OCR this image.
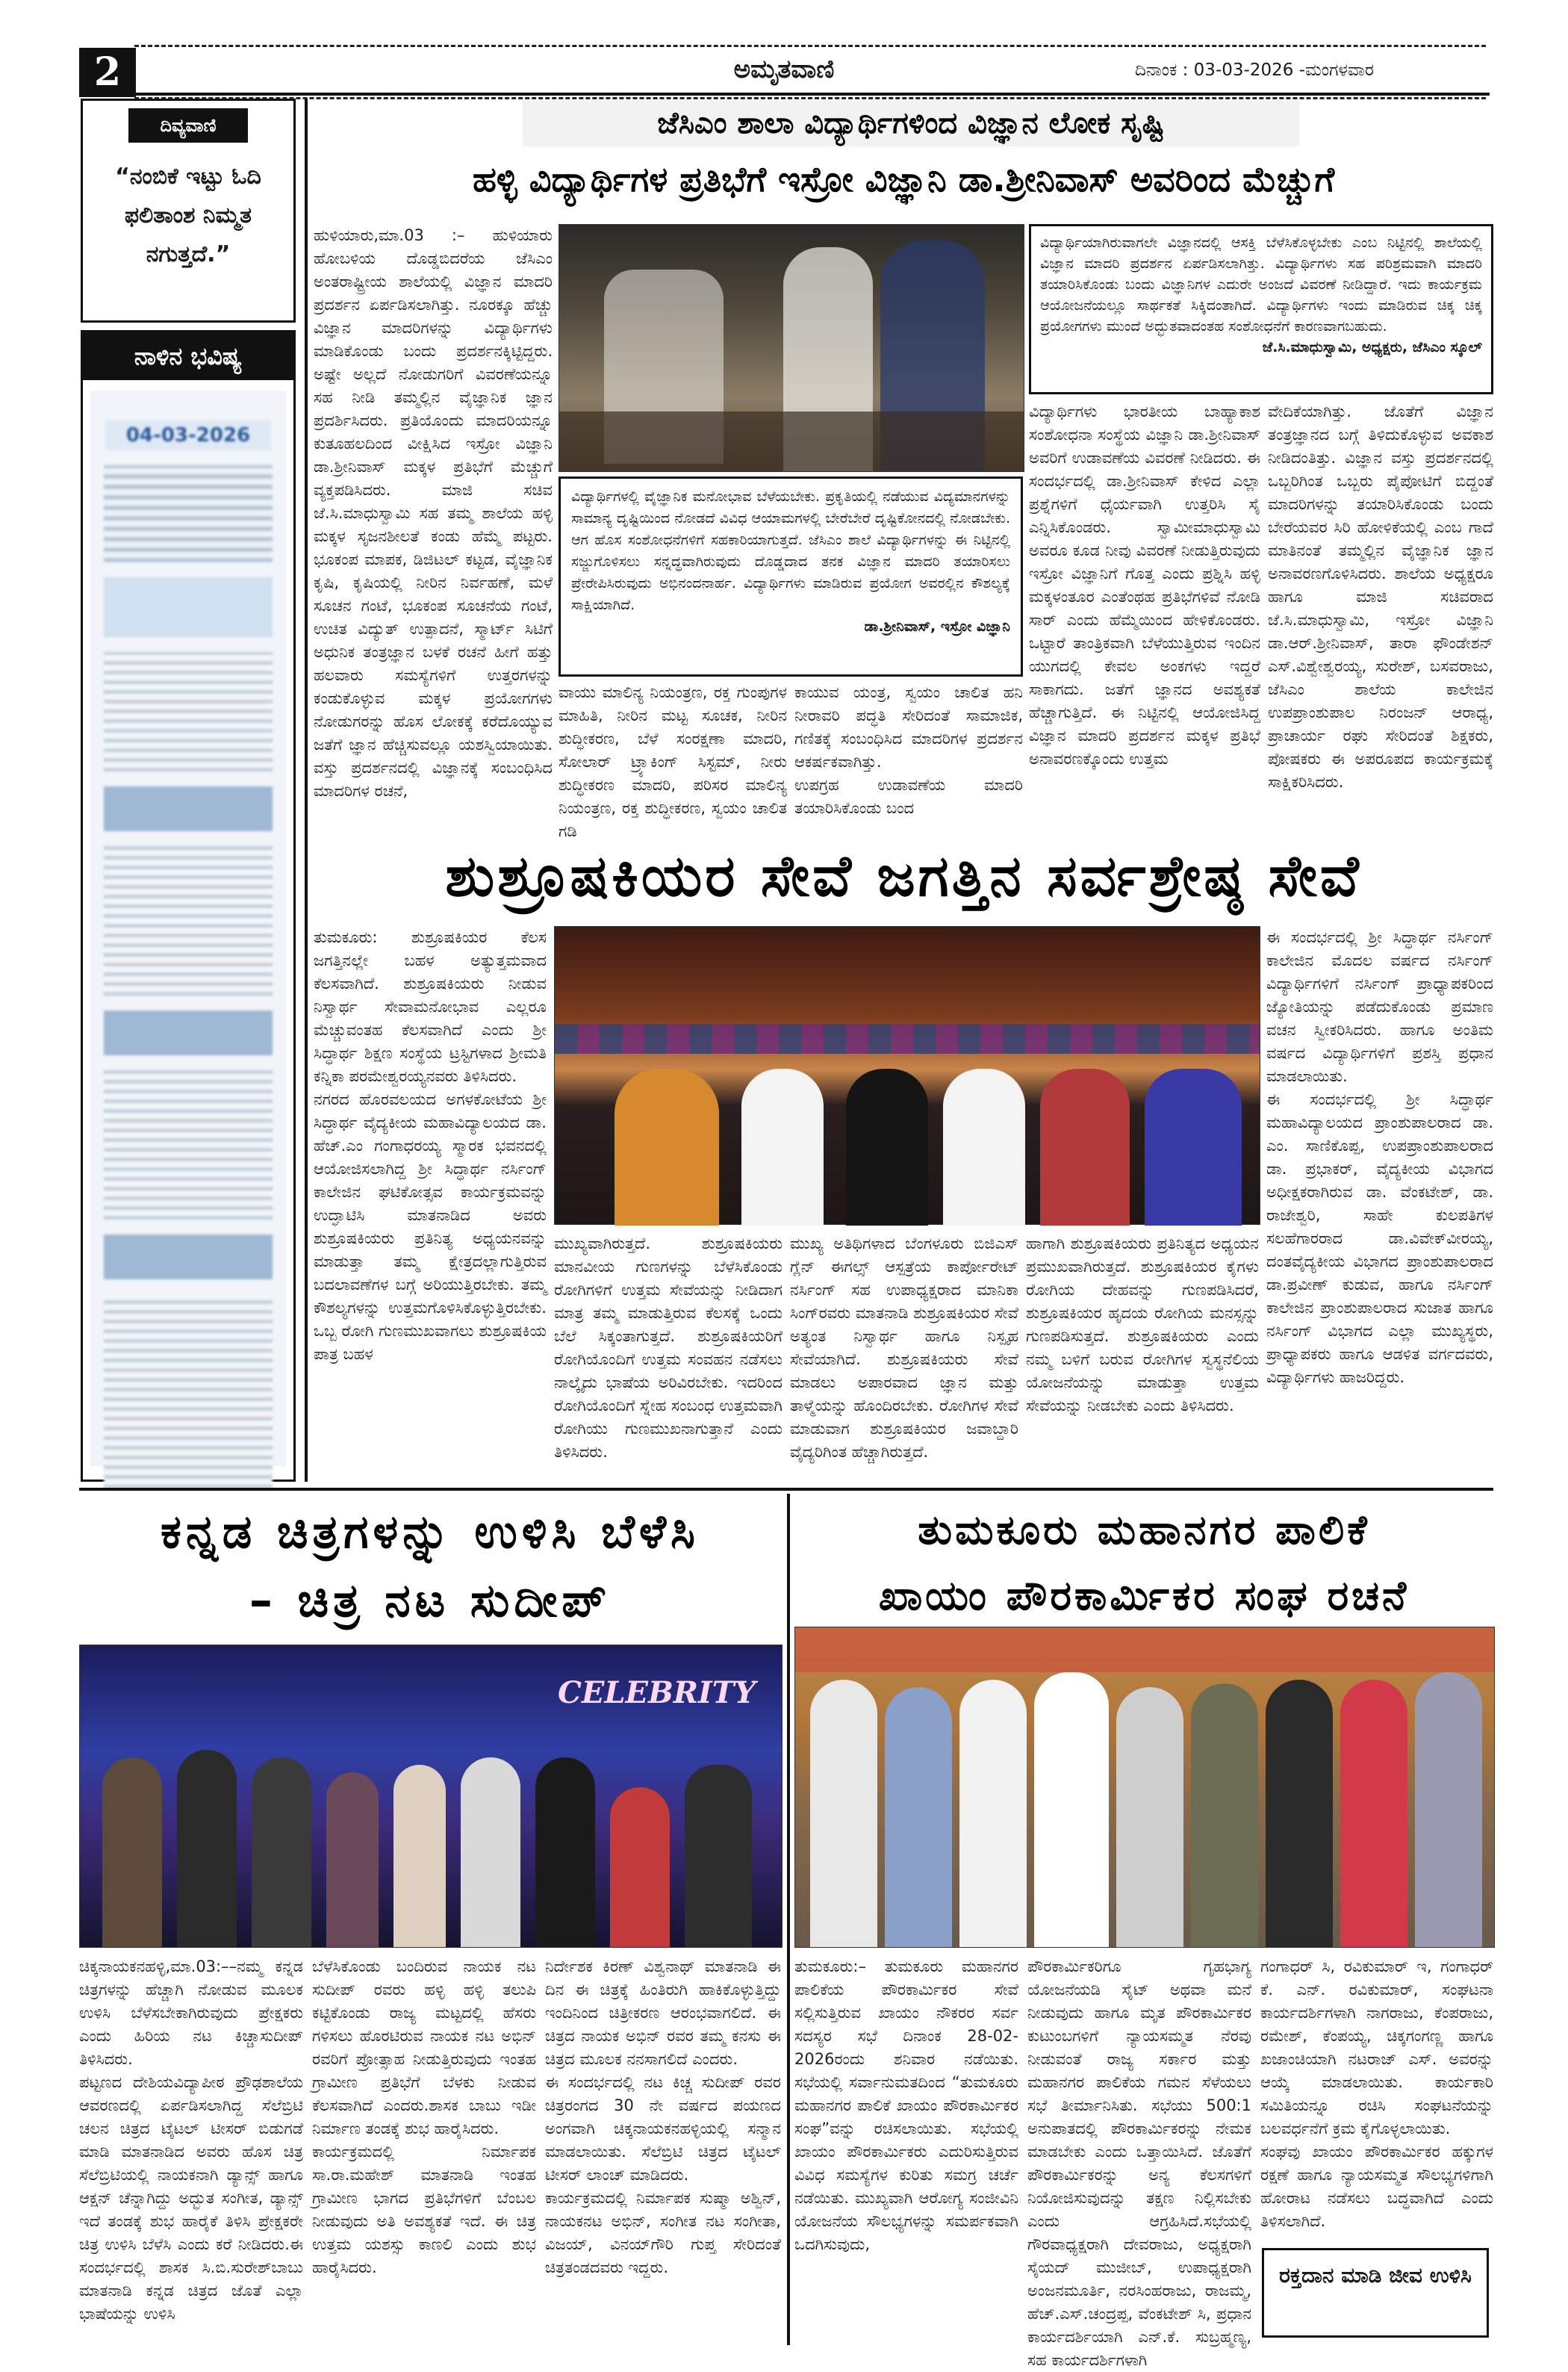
2	ಅಮೃತವಾಣಿ	ದಿನಾಂಕ : 03-03-2026 -ಮಂಗಳವಾರ
ದಿವ್ಯವಾಣಿ
“ನಂಬಿಕೆ ಇಟ್ಟು ಓದಿ ಫಲಿತಾಂಶ ನಿಮ್ಮತ ನಗುತ್ತದೆ.”
ನಾಳಿನ ಭವಿಷ್ಯ
04-03-2026
ಜೆಸಿಎಂ ಶಾಲಾ ವಿದ್ಯಾರ್ಥಿಗಳಿಂದ ವಿಜ್ಞಾನ ಲೋಕ ಸೃಷ್ಟಿ
ಹಳ್ಳಿ ವಿದ್ಯಾರ್ಥಿಗಳ ಪ್ರತಿಭೆಗೆ ಇಸ್ರೋ ವಿಜ್ಞಾನಿ ಡಾ.ಶ್ರೀನಿವಾಸ್ ಅವರಿಂದ ಮೆಚ್ಚುಗೆ
ಹುಳಿಯಾರು,ಮಾ.03 :– ಹುಳಿಯಾರು ಹೋಬಳಿಯ ದೊಡ್ಡಬಿದರೆಯ ಜೆಸಿಎಂ ಅಂತರಾಷ್ಟ್ರೀಯ ಶಾಲೆಯಲ್ಲಿ ವಿಜ್ಞಾನ ಮಾದರಿ ಪ್ರದರ್ಶನ ಏರ್ಪಡಿಸಲಾಗಿತ್ತು. ನೂರಕ್ಕೂ ಹೆಚ್ಚು ವಿಜ್ಞಾನ ಮಾದರಿಗಳನ್ನು ವಿದ್ಯಾರ್ಥಿಗಳು ಮಾಡಿಕೊಂಡು ಬಂದು ಪ್ರದರ್ಶನಕ್ಕಿಟ್ಟಿದ್ದರು. ಅಷ್ಟೇ ಅಲ್ಲದೆ ನೋಡುಗರಿಗೆ ವಿವರಣೆಯನ್ನೂ ಸಹ ನೀಡಿ ತಮ್ಮಲ್ಲಿನ ವೈಜ್ಞಾನಿಕ ಜ್ಞಾನ ಪ್ರದರ್ಶಿಸಿದರು. ಪ್ರತಿಯೊಂದು ಮಾದರಿಯನ್ನೂ ಕುತೂಹಲದಿಂದ ವೀಕ್ಷಿಸಿದ ಇಸ್ರೋ ವಿಜ್ಞಾನಿ ಡಾ.ಶ್ರೀನಿವಾಸ್ ಮಕ್ಕಳ ಪ್ರತಿಭೆಗೆ ಮೆಚ್ಚುಗೆ ವ್ಯಕ್ತಪಡಿಸಿದರು. ಮಾಜಿ ಸಚಿವ ಜೆ.ಸಿ.ಮಾಧುಸ್ವಾಮಿ ಸಹ ತಮ್ಮ ಶಾಲೆಯ ಹಳ್ಳಿ ಮಕ್ಕಳ ಸೃಜನಶೀಲತೆ ಕಂಡು ಹೆಮ್ಮೆ ಪಟ್ಟರು. ಭೂಕಂಪ ಮಾಪಕ, ಡಿಜಿಟಲ್ ಕಟ್ಟಡ, ವೈಜ್ಞಾನಿಕ ಕೃಷಿ, ಕೃಷಿಯಲ್ಲಿ ನೀರಿನ ನಿರ್ವಹಣೆ, ಮಳೆ ಸೂಚನ ಗಂಟೆ, ಭೂಕಂಪ ಸೂಚನೆಯ ಗಂಟೆ, ಉಚಿತ ವಿದ್ಯುತ್ ಉತ್ಪಾದನೆ, ಸ್ಮಾರ್ಟ್ ಸಿಟಿಗೆ ಅಧುನಿಕ ತಂತ್ರಜ್ಞಾನ ಬಳಕೆ ರಚನೆ ಹೀಗೆ ಹತ್ತು ಹಲವಾರು ಸಮಸ್ಯೆಗಳಿಗೆ ಉತ್ತರಗಳನ್ನು ಕಂಡುಕೊಳ್ಳುವ ಮಕ್ಕಳ ಪ್ರಯೋಗಗಳು ನೋಡುಗರನ್ನು ಹೊಸ ಲೋಕಕ್ಕೆ ಕರೆದೊಯ್ಯುವ ಜತೆಗೆ ಜ್ಞಾನ ಹೆಚ್ಚಿಸುವಲ್ಲೂ ಯಶಸ್ವಿಯಾಯಿತು. ವಸ್ತು ಪ್ರದರ್ಶನದಲ್ಲಿ ವಿಜ್ಞಾನಕ್ಕೆ ಸಂಬಂಧಿಸಿದ ಮಾದರಿಗಳ ರಚನೆ,
ವಿದ್ಯಾರ್ಥಿಯಾಗಿರುವಾಗಲೇ ವಿಜ್ಞಾನದಲ್ಲಿ ಆಸಕ್ತಿ ಬೆಳೆಸಿಕೊಳ್ಳಬೇಕು ಎಂಬ ನಿಟ್ಟಿನಲ್ಲಿ ಶಾಲೆಯಲ್ಲಿ ವಿಜ್ಞಾನ ಮಾದರಿ ಪ್ರದರ್ಶನ ಏರ್ಪಡಿಸಲಾಗಿತ್ತು. ವಿದ್ಯಾರ್ಥಿಗಳು ಸಹ ಪರಿಶ್ರಮವಾಗಿ ಮಾದರಿ ತಯಾರಿಸಿಕೊಂಡು ಬಂದು ವಿಜ್ಞಾನಿಗಳ ಎದುರೇ ಅಂಜದೆ ವಿವರಣೆ ನೀಡಿದ್ದಾರೆ. ಇದು ಕಾರ್ಯಕ್ರಮ ಆಯೋಜನೆಯಲ್ಲೂ ಸಾರ್ಥಕತೆ ಸಿಕ್ಕಿದಂತಾಗಿದೆ. ವಿದ್ಯಾರ್ಥಿಗಳು ಇಂದು ಮಾಡಿರುವ ಚಿಕ್ಕ ಚಿಕ್ಕ ಪ್ರಯೋಗಗಳು ಮುಂದೆ ಅದ್ಭುತವಾದಂತಹ ಸಂಶೋಧನೆಗೆ ಕಾರಣವಾಗಬಹುದು.
ಜೆ.ಸಿ.ಮಾಧುಸ್ವಾಮಿ, ಅಧ್ಯಕ್ಷರು, ಜೆಸಿಎಂ ಸ್ಕೂಲ್
ವಿದ್ಯಾರ್ಥಿಗಳು ಭಾರತೀಯ ಬಾಹ್ಯಾಕಾಶ ಸಂಶೋಧನಾ ಸಂಸ್ಥೆಯ ವಿಜ್ಞಾನಿ ಡಾ.ಶ್ರೀನಿವಾಸ್ ಅವರಿಗೆ ಉಡಾವಣೆಯ ವಿವರಣೆ ನೀಡಿದರು. ಈ ಸಂದರ್ಭದಲ್ಲಿ ಡಾ.ಶ್ರೀನಿವಾಸ್ ಕೇಳಿದ ಎಲ್ಲಾ ಪ್ರಶ್ನೆಗಳಿಗೆ ಧೈರ್ಯವಾಗಿ ಉತ್ತರಿಸಿ ಸೈ ಎನ್ನಿಸಿಕೊಂಡರು. ಸ್ವಾಮೀಮಾಧುಸ್ವಾಮಿ ಅವರೂ ಕೂಡ ನೀವು ವಿವರಣೆ ನೀಡುತ್ತಿರುವುದು ಇಸ್ರೋ ವಿಜ್ಞಾನಿಗೆ ಗೊತ್ತ ಎಂದು ಪ್ರಶ್ನಿಸಿ ಹಳ್ಳಿ ಮಕ್ಕಳಂತೂರ ಎಂತೆಂಥಹ ಪ್ರತಿಭೆಗಳಿವೆ ನೋಡಿ ಸಾರ್ ಎಂದು ಹೆಮ್ಮೆಯಿಂದ ಹೇಳಿಕೊಂಡರು. ಒಟ್ಟಾರೆ ತಾಂತ್ರಿಕವಾಗಿ ಬೆಳೆಯುತ್ತಿರುವ ಇಂದಿನ ಯುಗದಲ್ಲಿ ಕೇವಲ ಅಂಕಗಳು ಇದ್ದರೆ ಸಾಕಾಗದು. ಜತೆಗೆ ಜ್ಞಾನದ ಅವಶ್ಯಕತೆ ಹೆಚ್ಚಾಗುತ್ತಿದೆ. ಈ ನಿಟ್ಟಿನಲ್ಲಿ ಆಯೋಜಿಸಿದ್ದ ವಿಜ್ಞಾನ ಮಾದರಿ ಪ್ರದರ್ಶನ ಮಕ್ಕಳ ಪ್ರತಿಭೆ ಅನಾವರಣಕ್ಕೊಂದು ಉತ್ತಮ
ವೇದಿಕೆಯಾಗಿತ್ತು. ಜೊತೆಗೆ ವಿಜ್ಞಾನ ತಂತ್ರಜ್ಞಾನದ ಬಗ್ಗೆ ತಿಳಿದುಕೊಳ್ಳುವ ಅವಕಾಶ ನೀಡಿದಂತಿತ್ತು. ವಿಜ್ಞಾನ ವಸ್ತು ಪ್ರದರ್ಶನದಲ್ಲಿ ಒಬ್ಬರಿಗಿಂತ ಒಬ್ಬರು ಪೈಪೋಟಿಗೆ ಬಿದ್ದಂತೆ ಮಾದರಿಗಳನ್ನು ತಯಾರಿಸಿಕೊಂಡು ಬಂದು ಬೇರೆಯವರ ಸಿರಿ ಹೋಳಿಕೆಯಲ್ಲಿ ಎಂಬ ಗಾದೆ ಮಾತಿನಂತೆ ತಮ್ಮಲ್ಲಿನ ವೈಜ್ಞಾನಿಕ ಜ್ಞಾನ ಅನಾವರಣಗೊಳಿಸಿದರು. ಶಾಲೆಯ ಅಧ್ಯಕ್ಷರೂ ಹಾಗೂ ಮಾಜಿ ಸಚಿವರಾದ ಜೆ.ಸಿ.ಮಾಧುಸ್ವಾಮಿ, ಇಸ್ರೋ ವಿಜ್ಞಾನಿ ಡಾ.ಆರ್.ಶ್ರೀನಿವಾಸ್, ತಾರಾ ಫೌಂಡೇಶನ್ ಎಸ್.ವಿಶ್ವೇಶ್ವರಯ್ಯ, ಸುರೇಶ್, ಬಸವರಾಜು, ಜೆಸಿಎಂ ಶಾಲೆಯ ಕಾಲೇಜಿನ ಉಪಪ್ರಾಂಶುಪಾಲ ನಿರಂಜನ್ ಆರಾಧ್ಯ, ಪ್ರಾಚಾರ್ಯ ರಘು ಸೇರಿದಂತೆ ಶಿಕ್ಷಕರು, ಪೋಷಕರು ಈ ಅಪರೂಪದ ಕಾರ್ಯಕ್ರಮಕ್ಕೆ ಸಾಕ್ಷಿಕರಿಸಿದರು.
ವಿದ್ಯಾರ್ಥಿಗಳಲ್ಲಿ ವೈಜ್ಞಾನಿಕ ಮನೋಭಾವ ಬೆಳೆಯಬೇಕು. ಪ್ರಕೃತಿಯಲ್ಲಿ ನಡೆಯುವ ವಿದ್ಯಮಾನಗಳನ್ನು ಸಾಮಾನ್ಯ ದೃಷ್ಟಿಯಿಂದ ನೋಡದೆ ವಿವಿಧ ಆಯಾಮಗಳಲ್ಲಿ ಬೇರೆಬೇರೆ ದೃಷ್ಟಿಕೋನದಲ್ಲಿ ನೋಡಬೇಕು. ಆಗ ಹೊಸ ಸಂಶೋಧನೆಗಳಿಗೆ ಸಹಕಾರಿಯಾಗುತ್ತದೆ. ಜೆಸಿಎಂ ಶಾಲೆ ವಿದ್ಯಾರ್ಥಿಗಳನ್ನು ಈ ನಿಟ್ಟಿನಲ್ಲಿ ಸಜ್ಜುಗೊಳಿಸಲು ಸನ್ನದ್ಧವಾಗಿರುವುದು ದೊಡ್ಡದಾದ ತನಕ ವಿಜ್ಞಾನ ಮಾದರಿ ತಯಾರಿಸಲು ಪ್ರೇರೇಪಿಸಿರುವುದು ಅಭಿನಂದನಾರ್ಹ. ವಿದ್ಯಾರ್ಥಿಗಳು ಮಾಡಿರುವ ಪ್ರಯೋಗ ಅವರಲ್ಲಿನ ಕೌಶಲ್ಯಕ್ಕೆ ಸಾಕ್ಷಿಯಾಗಿದೆ.
ಡಾ.ಶ್ರೀನಿವಾಸ್, ಇಸ್ರೋ ವಿಜ್ಞಾನಿ
ವಾಯು ಮಾಲಿನ್ಯ ನಿಯಂತ್ರಣ, ರಕ್ತ ಗುಂಪುಗಳ ಮಾಹಿತಿ, ನೀರಿನ ಮಟ್ಟ ಸೂಚಕ, ನೀರಿನ ಶುದ್ಧೀಕರಣ, ಬೆಳೆ ಸಂರಕ್ಷಣಾ ಮಾದರಿ, ಸೋಲಾರ್ ಟ್ರ್ಯಾಕಿಂಗ್ ಸಿಸ್ಟಮ್, ನೀರು ಶುದ್ಧೀಕರಣ ಮಾದರಿ, ಪರಿಸರ ಮಾಲಿನ್ಯ ನಿಯಂತ್ರಣ, ರಕ್ತ ಶುದ್ಧೀಕರಣ, ಸ್ವಯಂ ಚಾಲಿತ ಗಡಿ
ಕಾಯುವ ಯಂತ್ರ, ಸ್ವಯಂ ಚಾಲಿತ ಹನಿ ನೀರಾವರಿ ಪದ್ಧತಿ ಸೇರಿದಂತೆ ಸಾಮಾಜಿಕ, ಗಣಿತಕ್ಕೆ ಸಂಬಂಧಿಸಿದ ಮಾದರಿಗಳ ಪ್ರದರ್ಶನ ಆಕರ್ಷಕವಾಗಿತ್ತು.
ಉಪಗ್ರಹ ಉಡಾವಣೆಯ ಮಾದರಿ ತಯಾರಿಸಿಕೊಂಡು ಬಂದ
ಶುಶ್ರೂಷಕಿಯರ ಸೇವೆ ಜಗತ್ತಿನ ಸರ್ವಶ್ರೇಷ್ಠ ಸೇವೆ
ತುಮಕೂರು: ಶುಶ್ರೂಷಕಿಯರ ಕೆಲಸ ಜಗತ್ತಿನಲ್ಲೇ ಬಹಳ ಅತ್ಯುತ್ತಮವಾದ ಕೆಲಸವಾಗಿದೆ. ಶುಶ್ರೂಷಕಿಯರು ನೀಡುವ ನಿಸ್ವಾರ್ಥ ಸೇವಾಮನೋಭಾವ ಎಲ್ಲರೂ ಮೆಚ್ಚುವಂತಹ ಕೆಲಸವಾಗಿದೆ ಎಂದು ಶ್ರೀ ಸಿದ್ಧಾರ್ಥ ಶಿಕ್ಷಣ ಸಂಸ್ಥೆಯ ಟ್ರಸ್ಟಿಗಳಾದ ಶ್ರೀಮತಿ ಕನ್ನಿಕಾ ಪರಮೇಶ್ವರಯ್ಯನವರು ತಿಳಿಸಿದರು.
ನಗರದ ಹೊರವಲಯದ ಅಗಳಕೋಟೆಯ ಶ್ರೀ ಸಿದ್ಧಾರ್ಥ ವೈದ್ಯಕೀಯ ಮಹಾವಿದ್ಯಾಲಯದ ಡಾ. ಹೆಚ್.ಎಂ ಗಂಗಾಧರಯ್ಯ ಸ್ಮಾರಕ ಭವನದಲ್ಲಿ ಆಯೋಜಿಸಲಾಗಿದ್ದ ಶ್ರೀ ಸಿದ್ಧಾರ್ಥ ನರ್ಸಿಂಗ್ ಕಾಲೇಜಿನ ಘಟಿಕೋತ್ಸವ ಕಾರ್ಯಕ್ರಮವನ್ನು ಉದ್ಘಾಟಿಸಿ ಮಾತನಾಡಿದ ಅವರು ಶುಶ್ರೂಷಕಿಯರು ಪ್ರತಿನಿತ್ಯ ಅಧ್ಯಯನವನ್ನು ಮಾಡುತ್ತಾ ತಮ್ಮ ಕ್ಷೇತ್ರದಲ್ಲಾಗುತ್ತಿರುವ ಬದಲಾವಣೆಗಳ ಬಗ್ಗೆ ಅರಿಯುತ್ತಿರಬೇಕು. ತಮ್ಮ ಕೌಶಲ್ಯಗಳನ್ನು ಉತ್ತಮಗೊಳಿಸಿಕೊಳ್ಳುತ್ತಿರಬೇಕು. ಒಬ್ಬ ರೋಗಿ ಗುಣಮುಖವಾಗಲು ಶುಶ್ರೂಷಕಿಯ ಪಾತ್ರ ಬಹಳ
ಮುಖ್ಯವಾಗಿರುತ್ತದೆ. ಶುಶ್ರೂಷಕಿಯರು ಮಾನವೀಯ ಗುಣಗಳನ್ನು ಬೆಳೆಸಿಕೊಂಡು ರೋಗಿಗಳಿಗೆ ಉತ್ತಮ ಸೇವೆಯನ್ನು ನೀಡಿದಾಗ ಮಾತ್ರ ತಮ್ಮ ಮಾಡುತ್ತಿರುವ ಕೆಲಸಕ್ಕೆ ಒಂದು ಬೆಲೆ ಸಿಕ್ಕಂತಾಗುತ್ತದೆ. ಶುಶ್ರೂಷಕಿಯರಿಗೆ ರೋಗಿಯೊಂದಿಗೆ ಉತ್ತಮ ಸಂವಹನ ನಡೆಸಲು ನಾಲ್ಕೈದು ಭಾಷೆಯ ಅರಿವಿರಬೇಕು. ಇದರಿಂದ ರೋಗಿಯೊಂದಿಗೆ ಸ್ನೇಹ ಸಂಬಂಧ ಉತ್ತಮವಾಗಿ ರೋಗಿಯು ಗುಣಮುಖನಾಗುತ್ತಾನೆ ಎಂದು ತಿಳಿಸಿದರು.
ಮುಖ್ಯ ಅತಿಥಿಗಳಾದ ಬೆಂಗಳೂರು ಬಿಜಿಎಸ್ ಗ್ಲೆನ್ ಈಗಲ್ಸ್ ಆಸ್ಪತ್ರೆಯ ಕಾರ್ಪೋರೇಟ್ ನರ್ಸಿಂಗ್ ಸಹ ಉಪಾಧ್ಯಕ್ಷರಾದ ಮಾನಿಕಾ ಸಿಂಗ್‌ರವರು ಮಾತನಾಡಿ ಶುಶ್ರೂಷಕಿಯರ ಸೇವೆ ಅತ್ಯಂತ ನಿಸ್ವಾರ್ಥ ಹಾಗೂ ನಿಸ್ಪೃಹ ಸೇವೆಯಾಗಿದೆ. ಶುಶ್ರೂಷಕಿಯರು ಸೇವೆ ಮಾಡಲು ಅಪಾರವಾದ ಜ್ಞಾನ ಮತ್ತು ತಾಳ್ಮೆಯನ್ನು ಹೊಂದಿರಬೇಕು. ರೋಗಿಗಳ ಸೇವೆ ಮಾಡುವಾಗ ಶುಶ್ರೂಷಕಿಯರ ಜವಾಬ್ದಾರಿ ವೈದ್ಯರಿಗಿಂತ ಹೆಚ್ಚಾಗಿರುತ್ತದೆ.
ಹಾಗಾಗಿ ಶುಶ್ರೂಷಕಿಯರು ಪ್ರತಿನಿತ್ಯದ ಅಧ್ಯಯನ ಪ್ರಮುಖವಾಗಿರುತ್ತದೆ. ಶುಶ್ರೂಷಕಿಯರ ಕೈಗಳು ರೋಗಿಯ ದೇಹವನ್ನು ಗುಣಪಡಿಸಿದರೆ, ಶುಶ್ರೂಷಕಿಯರ ಹೃದಯ ರೋಗಿಯ ಮನಸ್ಸನ್ನು ಗುಣಪಡಿಸುತ್ತದೆ. ಶುಶ್ರೂಷಕಿಯರು ಎಂದು ನಮ್ಮ ಬಳಿಗೆ ಬರುವ ರೋಗಿಗಳ ಸ್ವಸ್ಥನೆಲಿಯ ಯೋಜನೆಯನ್ನು ಮಾಡುತ್ತಾ ಉತ್ತಮ ಸೇವೆಯನ್ನು ನೀಡಬೇಕು ಎಂದು ತಿಳಿಸಿದರು.
ಈ ಸಂದರ್ಭದಲ್ಲಿ ಶ್ರೀ ಸಿದ್ಧಾರ್ಥ ನರ್ಸಿಂಗ್ ಕಾಲೇಜಿನ ಮೊದಲ ವರ್ಷದ ನರ್ಸಿಂಗ್ ವಿದ್ಯಾರ್ಥಿಗಳಿಗೆ ನರ್ಸಿಂಗ್ ಪ್ರಾಧ್ಯಾಪಕರಿಂದ ಜ್ಯೋತಿಯನ್ನು ಪಡೆದುಕೊಂಡು ಪ್ರಮಾಣ ವಚನ ಸ್ವೀಕರಿಸಿದರು. ಹಾಗೂ ಅಂತಿಮ ವರ್ಷದ ವಿದ್ಯಾರ್ಥಿಗಳಿಗೆ ಪ್ರಶಸ್ತಿ ಪ್ರಧಾನ ಮಾಡಲಾಯಿತು.
ಈ ಸಂದರ್ಭದಲ್ಲಿ ಶ್ರೀ ಸಿದ್ಧಾರ್ಥ ಮಹಾವಿದ್ಯಾಲಯದ ಪ್ರಾಂಶುಪಾಲರಾದ ಡಾ. ಎಂ. ಸಾಣಿಕೊಪ್ಪ, ಉಪಪ್ರಾಂಶುಪಾಲರಾದ ಡಾ. ಪ್ರಭಾಕರ್, ವೈದ್ಯಕೀಯ ವಿಭಾಗದ ಅಧೀಕ್ಷಕರಾಗಿರುವ ಡಾ. ವೆಂಕಟೇಶ್, ಡಾ. ರಾಜೇಶ್ವರಿ, ಸಾಹೇ ಕುಲಪತಿಗಳ ಸಲಹೆಗಾರರಾದ ಡಾ.ವಿವೇಕ್‌ವೀರಯ್ಯ, ದಂತವೈದ್ಯಕೀಯ ವಿಭಾಗದ ಪ್ರಾಂಶುಪಾಲರಾದ ಡಾ.ಪ್ರವೀಣ್ ಕುಡುವ, ಹಾಗೂ ನರ್ಸಿಂಗ್ ಕಾಲೇಜಿನ ಪ್ರಾಂಶುಪಾಲರಾದ ಸುಜಾತ ಹಾಗೂ ನರ್ಸಿಂಗ್ ವಿಭಾಗದ ಎಲ್ಲಾ ಮುಖ್ಯಸ್ಥರು, ಪ್ರಾಧ್ಯಾಪಕರು ಹಾಗೂ ಆಡಳಿತ ವರ್ಗದವರು, ವಿದ್ಯಾರ್ಥಿಗಳು ಹಾಜರಿದ್ದರು.
ಕನ್ನಡ ಚಿತ್ರಗಳನ್ನು ಉಳಿಸಿ ಬೆಳೆಸಿ
– ಚಿತ್ರ ನಟ ಸುದೀಪ್
CELEBRITY
ಚಿಕ್ಕನಾಯಕನಹಳ್ಳಿ,ಮಾ.03:––ನಮ್ಮ ಕನ್ನಡ ಚಿತ್ರಗಳನ್ನು ಹೆಚ್ಚಾಗಿ ನೋಡುವ ಮೂಲಕ ಉಳಿಸಿ ಬೆಳೆಸಬೇಕಾಗಿರುವುದು ಪ್ರೇಕ್ಷಕರು ಎಂದು ಹಿರಿಯ ನಟ ಕಿಚ್ಚಾಸುದೀಪ್ ತಿಳಿಸಿದರು.
ಪಟ್ಟಣದ ದೇಶಿಯವಿದ್ಯಾಪೀಠ ಪ್ರೌಢಶಾಲೆಯ ಆವರಣದಲ್ಲಿ ಏರ್ಪಡಿಸಲಾಗಿದ್ದ ಸೆಲೆಬ್ರಿಟಿ ಚಲನ ಚಿತ್ರದ ಟೈಟಲ್ ಟೀಸರ್ ಬಿಡುಗಡೆ ಮಾಡಿ ಮಾತನಾಡಿದ ಅವರು ಹೊಸ ಚಿತ್ರ ಸೆಲೆಬ್ರಿಟಿಯಲ್ಲಿ ನಾಯಕನಾಗಿ ಡ್ಯಾನ್ಸ್ ಹಾಗೂ ಆಕ್ಷನ್ ಚೆನ್ನಾಗಿದ್ದು ಅದ್ಭುತ ಸಂಗೀತ, ಡ್ಯಾನ್ಸ್ ಇದೆ ತಂಡಕ್ಕೆ ಶುಭ ಹಾರೈಕೆ ತಿಳಿಸಿ ಪ್ರೇಕ್ಷಕರೇ ಚಿತ್ರ ಉಳಿಸಿ ಬೆಳೆಸಿ ಎಂದು ಕರೆ ನೀಡಿದರು.ಈ ಸಂದರ್ಭದಲ್ಲಿ ಶಾಸಕ ಸಿ.ಬಿ.ಸುರೇಶ್‌ಬಾಬು ಮಾತನಾಡಿ ಕನ್ನಡ ಚಿತ್ರದ ಜೊತೆ ಎಲ್ಲಾ ಭಾಷೆಯನ್ನು ಉಳಿಸಿ
ಬೆಳೆಸಿಕೊಂಡು ಬಂದಿರುವ ನಾಯಕ ನಟ ಸುದೀಪ್ ರವರು ಹಳ್ಳಿ ಹಳ್ಳಿ ತಲುಪಿ ಕಟ್ಟಿಕೊಂಡು ರಾಜ್ಯ ಮಟ್ಟದಲ್ಲಿ ಹೆಸರು ಗಳಿಸಲು ಹೊರಟಿರುವ ನಾಯಕ ನಟ ಅಭಿನ್ ರವರಿಗೆ ಪ್ರೋತ್ಸಾಹ ನೀಡುತ್ತಿರುವುದು ಇಂತಹ ಗ್ರಾಮೀಣ ಪ್ರತಿಭೆಗೆ ಬೆಳಕು ನೀಡುವ ಕೆಲಸವಾಗಿದೆ ಎಂದರು.ಶಾಸಕ ಬಾಬು ಇಡೀ ನಿರ್ಮಾಣ ತಂಡಕ್ಕೆ ಶುಭ ಹಾರೈಸಿದರು.
ಕಾರ್ಯಕ್ರಮದಲ್ಲಿ ನಿರ್ಮಾಪಕ ಸಾ.ರಾ.ಮಹೇಶ್ ಮಾತನಾಡಿ ಇಂತಹ ಗ್ರಾಮೀಣ ಭಾಗದ ಪ್ರತಿಭೆಗಳಿಗೆ ಬೆಂಬಲ ನೀಡುವುದು ಅತಿ ಅವಶ್ಯಕತೆ ಇದೆ. ಈ ಚಿತ್ರ ಉತ್ತಮ ಯಶಸ್ಸು ಕಾಣಲಿ ಎಂದು ಶುಭ ಹಾರೈಸಿದರು.
ನಿರ್ದೇಶಕ ಕಿರಣ್ ವಿಶ್ವನಾಥ್ ಮಾತನಾಡಿ ಈ ದಿನ ಈ ಚಿತ್ರಕ್ಕೆ ಹಿಂತಿರುಗಿ ಹಾಕಿಕೊಳ್ಳುತ್ತಿದ್ದು ಇಂದಿನಿಂದ ಚಿತ್ರೀಕರಣ ಆರಂಭವಾಗಲಿದೆ. ಈ ಚಿತ್ರದ ನಾಯಕ ಅಭಿನ್ ರವರ ತಮ್ಮ ಕನಸು ಈ ಚಿತ್ರದ ಮೂಲಕ ನನಸಾಗಲಿದೆ ಎಂದರು.
ಈ ಸಂದರ್ಭದಲ್ಲಿ ನಟ ಕಿಚ್ಚ ಸುದೀಪ್ ರವರ ಚಿತ್ರರಂಗದ 30 ನೇ ವರ್ಷದ ಪಯಣದ ಅಂಗವಾಗಿ ಚಿಕ್ಕನಾಯಕನಹಳ್ಳಿಯಲ್ಲಿ ಸನ್ಮಾನ ಮಾಡಲಾಯಿತು. ಸೆಲೆಬ್ರಿಟಿ ಚಿತ್ರದ ಟೈಟಲ್ ಟೀಸರ್ ಲಾಂಚ್ ಮಾಡಿದರು.
ಕಾರ್ಯಕ್ರಮದಲ್ಲಿ ನಿರ್ಮಾಪಕ ಸುಷ್ಮಾ ಅಶ್ವಿನ್, ನಾಯಕನಟ ಅಭಿನ್, ಸಂಗೀತ ನಟ ಸಂಗೀತಾ, ವಿಜಯ್, ವಿನಯ್‌ಗೌರಿ ಗುಪ್ತ ಸೇರಿದಂತೆ ಚಿತ್ರತಂಡದವರು ಇದ್ದರು.
ತುಮಕೂರು ಮಹಾನಗರ ಪಾಲಿಕೆ
ಖಾಯಂ ಪೌರಕಾರ್ಮಿಕರ ಸಂಘ ರಚನೆ
ತುಮಕೂರು:– ತುಮಕೂರು ಮಹಾನಗರ ಪಾಲಿಕೆಯ ಪೌರಕಾರ್ಮಿಕರ ಸೇವೆ ಸಲ್ಲಿಸುತ್ತಿರುವ ಖಾಯಂ ನೌಕರರ ಸರ್ವ ಸದಸ್ಯರ ಸಭೆ ದಿನಾಂಕ 28-02-2026ರಂದು ಶನಿವಾರ ನಡೆಯಿತು. ಸಭೆಯಲ್ಲಿ ಸರ್ವಾನುಮತದಿಂದ “ತುಮಕೂರು ಮಹಾನಗರ ಪಾಲಿಕೆ ಖಾಯಂ ಪೌರಕಾರ್ಮಿಕರ ಸಂಘ”ವನ್ನು ರಚಿಸಲಾಯಿತು. ಸಭೆಯಲ್ಲಿ ಖಾಯಂ ಪೌರಕಾರ್ಮಿಕರು ಎದುರಿಸುತ್ತಿರುವ ವಿವಿಧ ಸಮಸ್ಯೆಗಳ ಕುರಿತು ಸಮಗ್ರ ಚರ್ಚೆ ನಡೆಯಿತು. ಮುಖ್ಯವಾಗಿ ಆರೋಗ್ಯ ಸಂಜೀವಿನಿ ಯೋಜನೆಯ ಸೌಲಭ್ಯಗಳನ್ನು ಸಮರ್ಪಕವಾಗಿ ಒದಗಿಸುವುದು,
ಪೌರಕಾರ್ಮಿಕರಿಗೂ ಗೃಹಭಾಗ್ಯ ಯೋಜನೆಯಡಿ ಸೈಟ್ ಅಥವಾ ಮನೆ ನೀಡುವುದು ಹಾಗೂ ಮೃತ ಪೌರಕಾರ್ಮಿಕರ ಕುಟುಂಬಗಳಿಗೆ ನ್ಯಾಯಸಮ್ಮತ ನೆರವು ನೀಡುವಂತೆ ರಾಜ್ಯ ಸರ್ಕಾರ ಮತ್ತು ಮಹಾನಗರ ಪಾಲಿಕೆಯ ಗಮನ ಸೆಳೆಯಲು ಸಭೆ ತೀರ್ಮಾನಿಸಿತು. ಸಭೆಯು 500:1 ಅನುಪಾತದಲ್ಲಿ ಪೌರಕಾರ್ಮಿಕರನ್ನು ನೇಮಕ ಮಾಡಬೇಕು ಎಂದು ಒತ್ತಾಯಿಸಿದೆ. ಜೊತೆಗೆ ಪೌರಕಾರ್ಮಿಕರನ್ನು ಅನ್ಯ ಕೆಲಸಗಳಿಗೆ ನಿಯೋಜಿಸುವುದನ್ನು ತಕ್ಷಣ ನಿಲ್ಲಿಸಬೇಕು ಎಂದು ಆಗ್ರಹಿಸಿದೆ.ಸಭೆಯಲ್ಲಿ ಗೌರವಾಧ್ಯಕ್ಷರಾಗಿ ದೇವರಾಜು, ಅಧ್ಯಕ್ಷರಾಗಿ ಸೈಯದ್ ಮುಜೀಬ್, ಉಪಾಧ್ಯಕ್ಷರಾಗಿ ಅಂಜನಮೂರ್ತಿ, ನರಸಿಂಹರಾಜು, ರಾಜಮ್ಮ, ಹೆಚ್.ಎಸ್.ಚಂದ್ರಪ್ಪ, ವೆಂಕಟೇಶ್ ಸಿ, ಪ್ರಧಾನ ಕಾರ್ಯದರ್ಶಿಯಾಗಿ ಎನ್.ಕೆ. ಸುಬ್ರಹ್ಮಣ್ಯ, ಸಹ ಕಾರ್ಯದರ್ಶಿಗಳಾಗಿ
ಗಂಗಾಧರ್ ಸಿ, ರವಿಕುಮಾರ್ ಇ, ಗಂಗಾಧರ್ ಕೆ. ಎನ್. ರವಿಕುಮಾರ್, ಸಂಘಟನಾ ಕಾರ್ಯದರ್ಶಿಗಳಾಗಿ ನಾಗರಾಜು, ಕೆಂಪರಾಜು, ರಮೇಶ್, ಕೆಂಪಯ್ಯ, ಚಿಕ್ಕಗಂಗಣ್ಣ ಹಾಗೂ ಖಜಾಂಚಿಯಾಗಿ ನಟರಾಜ್ ಎಸ್. ಅವರನ್ನು ಆಯ್ಕೆ ಮಾಡಲಾಯಿತು. ಕಾರ್ಯಕಾರಿ ಸಮಿತಿಯನ್ನೂ ರಚಿಸಿ ಸಂಘಟನೆಯನ್ನು ಬಲವರ್ಧನೆಗೆ ಕ್ರಮ ಕೈಗೊಳ್ಳಲಾಯಿತು.
ಸಂಘವು ಖಾಯಂ ಪೌರಕಾರ್ಮಿಕರ ಹಕ್ಕುಗಳ ರಕ್ಷಣೆ ಹಾಗೂ ನ್ಯಾಯಸಮ್ಮತ ಸೌಲಭ್ಯಗಳಿಗಾಗಿ ಹೋರಾಟ ನಡೆಸಲು ಬದ್ಧವಾಗಿದೆ ಎಂದು ತಿಳಿಸಲಾಗಿದೆ.
ರಕ್ತದಾನ ಮಾಡಿ ಜೀವ ಉಳಿಸಿ
